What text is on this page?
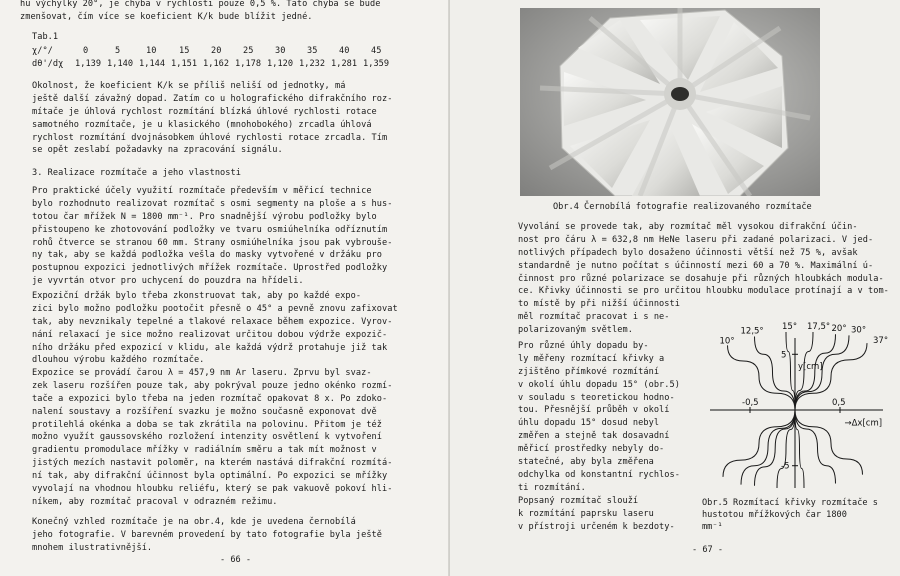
hu výchylky 20°, je chyba v rychlosti pouze 0,5 %. Tato chyba se bude
zmenšovat, čím více se koeficient K/k bude blížit jedné.
Tab.1
χ/°/	0	5	10	15	20	25	30	35	40	45
dθ'/dχ 1,139 1,140 1,144 1,151 1,162 1,178 1,120 1,232 1,281 1,359
Okolnost, že koeficient K/k se příliš neliší od jednotky, má
ještě další závažný dopad. Zatím co u holografického difrakčního roz-
mítače je úhlová rychlost rozmítání blízká úhlové rychlosti rotace
samotného rozmítače, je u klasického (mnohobokého) zrcadla úhlová
rychlost rozmítání dvojnásobkem úhlové rychlosti rotace zrcadla. Tím
se opět zeslabí požadavky na zpracování signálu.
3. Realizace rozmítače a jeho vlastnosti
Pro praktické účely využití rozmítače především v měřicí technice
bylo rozhodnuto realizovat rozmítač s osmi segmenty na ploše a s hus-
totou čar mřížek N = 1800 mm⁻¹. Pro snadnější výrobu podložky bylo
přistoupeno ke zhotovování podložky ve tvaru osmiúhelníka odříznutím
rohů čtverce se stranou 60 mm. Strany osmiúhelníka jsou pak vybrouše-
ny tak, aby se každá podložka vešla do masky vytvořené v držáku pro
postupnou expozici jednotlivých mřížek rozmítače. Uprostřed podložky
je vyvrtán otvor pro uchycení do pouzdra na hřídeli.
Expoziční držák bylo třeba zkonstruovat tak, aby po každé expo-
zici bylo možno podložku pootočit přesně o 45° a pevně znovu zafixovat
tak, aby nevznikaly tepelné a tlakové relaxace během expozice. Vyrov-
nání relaxací je sice možno realizovat určitou dobou výdrže expozič-
ního držáku před expozicí v klidu, ale každá výdrž protahuje již tak
dlouhou výrobu každého rozmítače.
Expozice se provádí čarou λ = 457,9 nm Ar laseru. Zprvu byl svaz-
zek laseru rozšířen pouze tak, aby pokrýval pouze jedno okénko rozmí-
tače a expozici bylo třeba na jeden rozmítač opakovat 8 x. Po zdoko-
nalení soustavy a rozšíření svazku je možno současně exponovat dvě
protilehlá okénka a doba se tak zkrátila na polovinu. Přitom je též
možno využít gaussovského rozložení intenzity osvětlení k vytvoření
gradientu promodulace mřížky v radiálním směru a tak mít možnost v
jistých mezích nastavit poloměr, na kterém nastává difrakční rozmítá-
ní tak, aby difrakční účinnost byla optimální. Po expozici se mřížky
vyvolají na vhodnou hloubku reliéfu, který se pak vakuově pokoví hli-
níkem, aby rozmítač pracoval v odrazném režimu.
Konečný vzhled rozmítače je na obr.4, kde je uvedena černobílá
jeho fotografie. V barevném provedení by tato fotografie byla ještě
mnohem ilustrativnější.
- 66 -
Obr.4 Černobílá fotografie realizovaného rozmítače
Vyvolání se provede tak, aby rozmítač měl vysokou difrakční účin-
nost pro čáru λ = 632,8 nm HeNe laseru při zadané polarizaci. V jed-
notlivých případech bylo dosaženo účinnosti větší než 75 %, avšak
standardně je nutno počítat s účinností mezi 60 a 70 %. Maximální ú-
činnost pro různé polarizace se dosahuje při různých hloubkách modula-
ce. Křivky účinnosti se pro určitou hloubku modulace protínají a v tom-
to místě by při nižší účinnosti
měl rozmítač pracovat i s ne-
polarizovaným světlem.
Pro různé úhly dopadu by-
ly měřeny rozmítací křivky a
zjištěno přímkové rozmítání
v okolí úhlu dopadu 15° (obr.5)
v souladu s teoretickou hodno-
tou. Přesnější průběh v okolí
úhlu dopadu 15° dosud nebyl
změřen a stejně tak dosavadní
měřicí prostředky nebyly do-
statečné, aby byla změřena
odchylka od konstantní rychlos-
ti rozmítání.
Popsaný rozmítač slouží
k rozmítání paprsku laseru
v přístroji určeném k bezdoty-
-0,5	0,5
5
-5
y[cm]
→Δx[cm]
10°
12,5° 15° 17,5° 20° 30°
37°
Obr.5 Rozmítací křivky rozmítače s
hustotou mřížkových čar 1800
mm⁻¹
- 67 -
